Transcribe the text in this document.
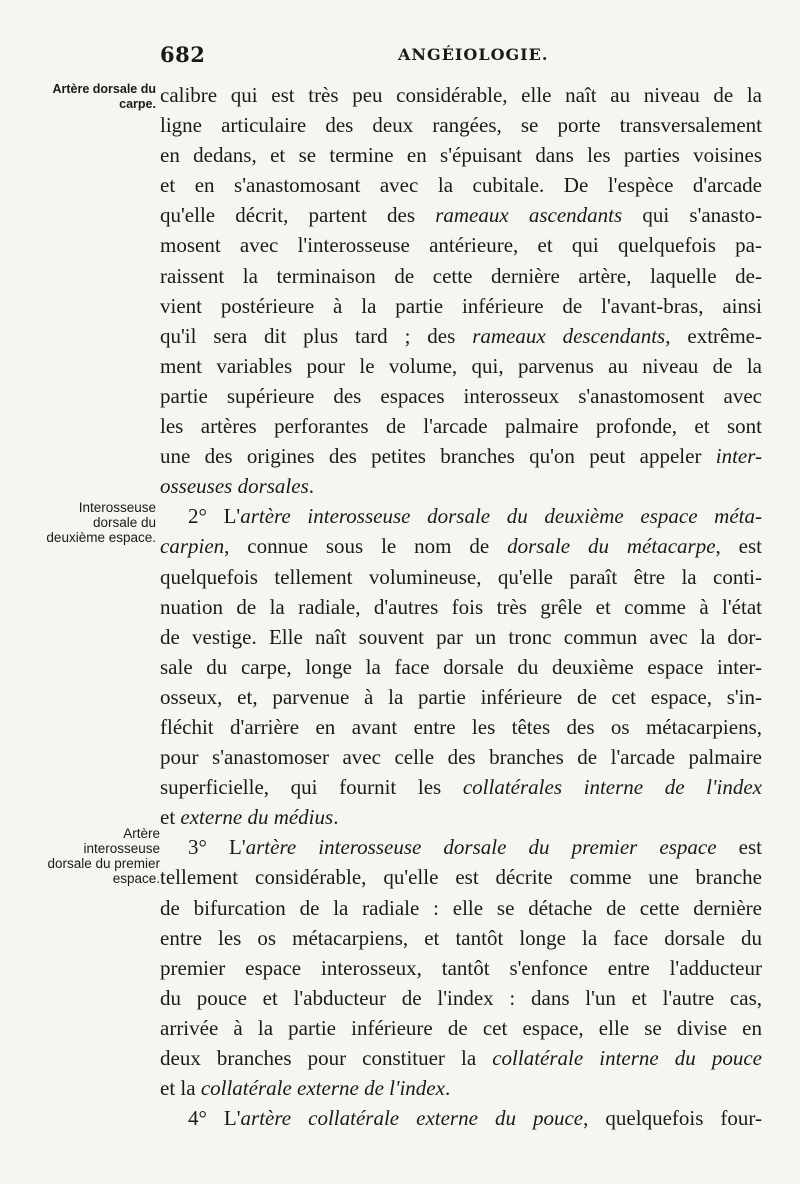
682	ANGÉIOLOGIE.
Artère dorsale du carpe.
Interosseuse dorsale du deuxième espace.
Artère interosseuse dorsale du premier espace.
calibre qui est très peu considérable, elle naît au niveau de la
ligne articulaire des deux rangées, se porte transversalement
en dedans, et se termine en s'épuisant dans les parties voisines
et en s'anastomosant avec la cubitale. De l'espèce d'arcade
qu'elle décrit, partent des rameaux ascendants qui s'anasto-
mosent avec l'interosseuse antérieure, et qui quelquefois pa-
raissent la terminaison de cette dernière artère, laquelle de-
vient postérieure à la partie inférieure de l'avant-bras, ainsi
qu'il sera dit plus tard ; des rameaux descendants, extrême-
ment variables pour le volume, qui, parvenus au niveau de la
partie supérieure des espaces interosseux s'anastomosent avec
les artères perforantes de l'arcade palmaire profonde, et sont
une des origines des petites branches qu'on peut appeler inter-
osseuses dorsales.
2° L'artère interosseuse dorsale du deuxième espace méta-
carpien, connue sous le nom de dorsale du métacarpe, est
quelquefois tellement volumineuse, qu'elle paraît être la conti-
nuation de la radiale, d'autres fois très grêle et comme à l'état
de vestige. Elle naît souvent par un tronc commun avec la dor-
sale du carpe, longe la face dorsale du deuxième espace inter-
osseux, et, parvenue à la partie inférieure de cet espace, s'in-
fléchit d'arrière en avant entre les têtes des os métacarpiens,
pour s'anastomoser avec celle des branches de l'arcade palmaire
superficielle, qui fournit les collatérales interne de l'index
et externe du médius.
3° L'artère interosseuse dorsale du premier espace est
tellement considérable, qu'elle est décrite comme une branche
de bifurcation de la radiale : elle se détache de cette dernière
entre les os métacarpiens, et tantôt longe la face dorsale du
premier espace interosseux, tantôt s'enfonce entre l'adducteur
du pouce et l'abducteur de l'index : dans l'un et l'autre cas,
arrivée à la partie inférieure de cet espace, elle se divise en
deux branches pour constituer la collatérale interne du pouce
et la collatérale externe de l'index.
4° L'artère collatérale externe du pouce, quelquefois four-
